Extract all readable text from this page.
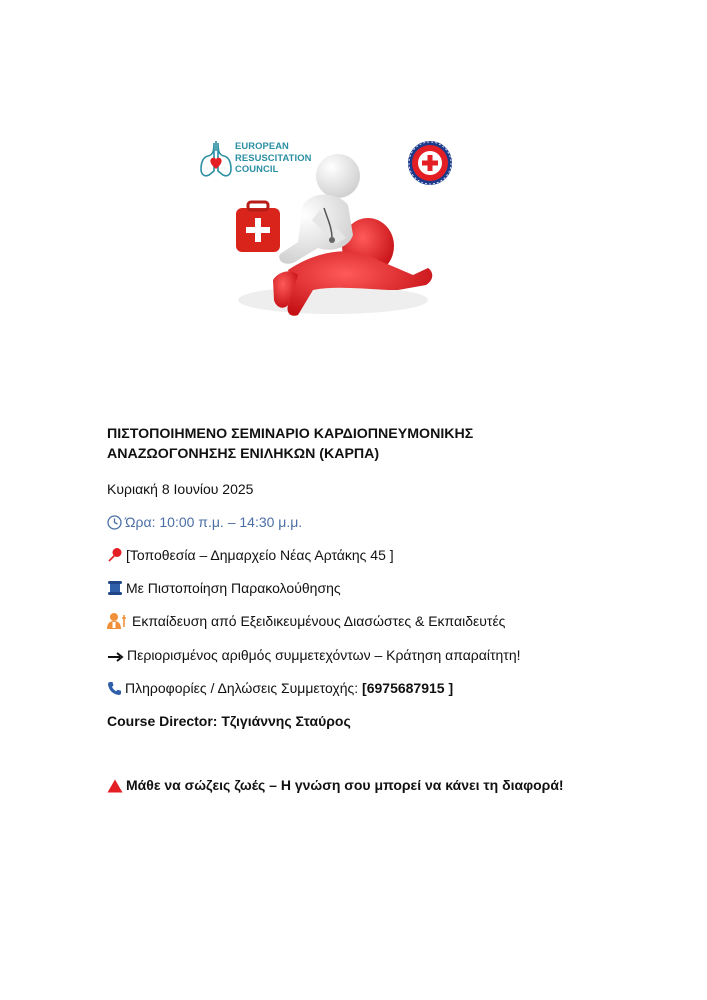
EUROPEAN
RESUSCITATION
COUNCIL

ΠΙΣΤΟΠΟΙΗΜΕΝΟ ΣΕΜΙΝΑΡΙΟ ΚΑΡΔΙΟΠΝΕΥΜΟΝΙΚΗΣ

ΑΝΑΖΩΟΓΟΝΗΣΗΣ ΕΝΙΛΗΚΩΝ (ΚΑΡΠΑ)

Κυριακή 8 Ιουνίου 2025
Ώρα: 10:00 π.μ. – 14:30 μ.μ.
[Τοποθεσία – Δημαρχείο Νέας Αρτάκης 45 ]
Με Πιστοποίηση Παρακολούθησης
Εκπαίδευση από Εξειδικευμένους Διασώστες & Εκπαιδευτές
Περιορισμένος αριθμός συμμετεχόντων – Κράτηση απαραίτητη!
Πληροφορίες / Δηλώσεις Συμμετοχής: [6975687915 ]
Course Director: Τζιγιάννης Σταύρος
Μάθε να σώζεις ζωές – Η γνώση σου μπορεί να κάνει τη διαφορά!
